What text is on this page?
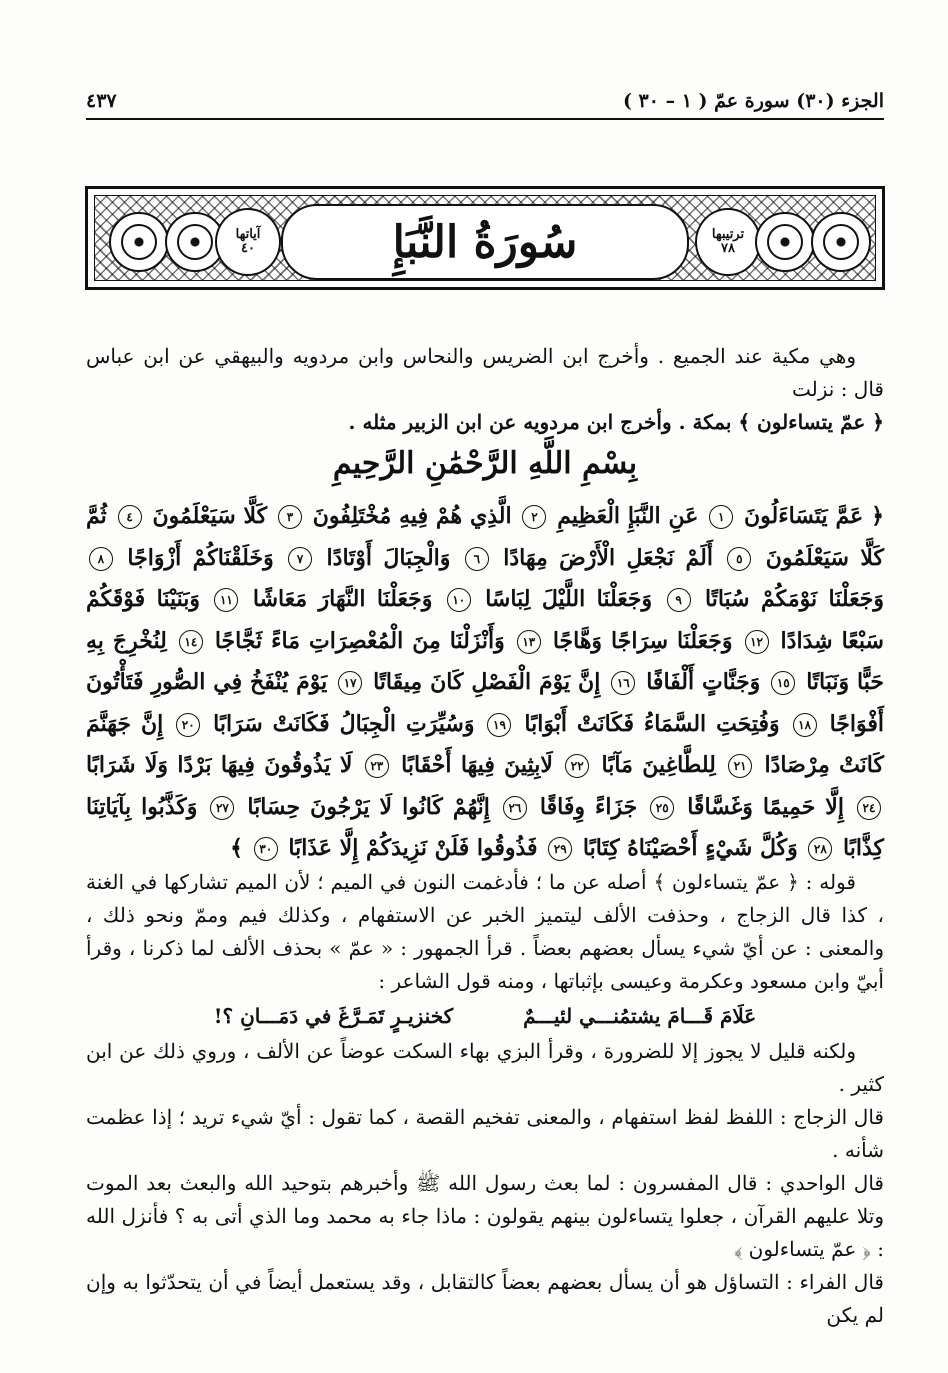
الجزء (٣٠) سورة عمّ ( ١ – ٣٠ )
٤٣٧
آياتها
٤٠	سُورَةُ النَّبَإِ	ترتيبها
٧٨

وهي مكية عند الجميع . وأخرج ابن الضريس والنحاس وابن مردويه والبيهقي عن ابن عباس قال : نزلت

﴿ عمّ يتساءلون ﴾ بمكة . وأخرج ابن مردويه عن ابن الزبير مثله .

بِسْمِ اللَّهِ الرَّحْمَٰنِ الرَّحِيمِ
﴿ عَمَّ يَتَسَاءَلُونَ ١ عَنِ النَّبَإِ الْعَظِيمِ ٢ الَّذِي هُمْ فِيهِ مُخْتَلِفُونَ ٣ كَلَّا سَيَعْلَمُونَ ٤ ثُمَّ كَلَّا سَيَعْلَمُونَ ٥ أَلَمْ نَجْعَلِ الْأَرْضَ مِهَادًا ٦ وَالْجِبَالَ أَوْتَادًا ٧ وَخَلَقْنَاكُمْ أَزْوَاجًا ٨ وَجَعَلْنَا نَوْمَكُمْ سُبَاتًا ٩ وَجَعَلْنَا اللَّيْلَ لِبَاسًا ١٠ وَجَعَلْنَا النَّهَارَ مَعَاشًا ١١ وَبَنَيْنَا فَوْقَكُمْ سَبْعًا شِدَادًا ١٢ وَجَعَلْنَا سِرَاجًا وَهَّاجًا ١٣ وَأَنْزَلْنَا مِنَ الْمُعْصِرَاتِ مَاءً ثَجَّاجًا ١٤ لِنُخْرِجَ بِهِ حَبًّا وَنَبَاتًا ١٥ وَجَنَّاتٍ أَلْفَافًا ١٦ إِنَّ يَوْمَ الْفَصْلِ كَانَ مِيقَاتًا ١٧ يَوْمَ يُنْفَخُ فِي الصُّورِ فَتَأْتُونَ أَفْوَاجًا ١٨ وَفُتِحَتِ السَّمَاءُ فَكَانَتْ أَبْوَابًا ١٩ وَسُيِّرَتِ الْجِبَالُ فَكَانَتْ سَرَابًا ٢٠ إِنَّ جَهَنَّمَ كَانَتْ مِرْصَادًا ٢١ لِلطَّاغِينَ مَآبًا ٢٢ لَابِثِينَ فِيهَا أَحْقَابًا ٢٣ لَا يَذُوقُونَ فِيهَا بَرْدًا وَلَا شَرَابًا ٢٤ إِلَّا حَمِيمًا وَغَسَّاقًا ٢٥ جَزَاءً وِفَاقًا ٢٦ إِنَّهُمْ كَانُوا لَا يَرْجُونَ حِسَابًا ٢٧ وَكَذَّبُوا بِآيَاتِنَا كِذَّابًا ٢٨ وَكُلَّ شَيْءٍ أَحْصَيْنَاهُ كِتَابًا ٢٩ فَذُوقُوا فَلَنْ نَزِيدَكُمْ إِلَّا عَذَابًا ٣٠ ﴾

قوله : ﴿ عمّ يتساءلون ﴾ أصله عن ما ؛ فأدغمت النون في الميم ؛ لأن الميم تشاركها في الغنة ، كذا قال الزجاج ، وحذفت الألف ليتميز الخبر عن الاستفهام ، وكذلك فيم وممّ ونحو ذلك ، والمعنى : عن أيّ شيء يسأل بعضهم بعضاً . قرأ الجمهور : « عمّ » بحذف الألف لما ذكرنا ، وقرأ أبيّ وابن مسعود وعكرمة وعيسى بإثباتها ، ومنه قول الشاعر :

عَلَامَ قَـــامَ يشتمُنـــي لئيـــمٌ
كخنزيـرٍ تَمَـرَّغَ في دَمَـــانِ ؟!

ولكنه قليل لا يجوز إلا للضرورة ، وقرأ البزي بهاء السكت عوضاً عن الألف ، وروي ذلك عن ابن كثير .

قال الزجاج : اللفظ لفظ استفهام ، والمعنى تفخيم القصة ، كما تقول : أيّ شيء تريد ؛ إذا عظمت شأنه .

قال الواحدي : قال المفسرون : لما بعث رسول الله ﷺ وأخبرهم بتوحيد الله والبعث بعد الموت وتلا عليهم القرآن ، جعلوا يتساءلون بينهم يقولون : ماذا جاء به محمد وما الذي أتى به ؟ فأنزل الله : ﴿ عمّ يتساءلون ﴾

قال الفراء : التساؤل هو أن يسأل بعضهم بعضاً كالتقابل ، وقد يستعمل أيضاً في أن يتحدّثوا به وإن لم يكن
